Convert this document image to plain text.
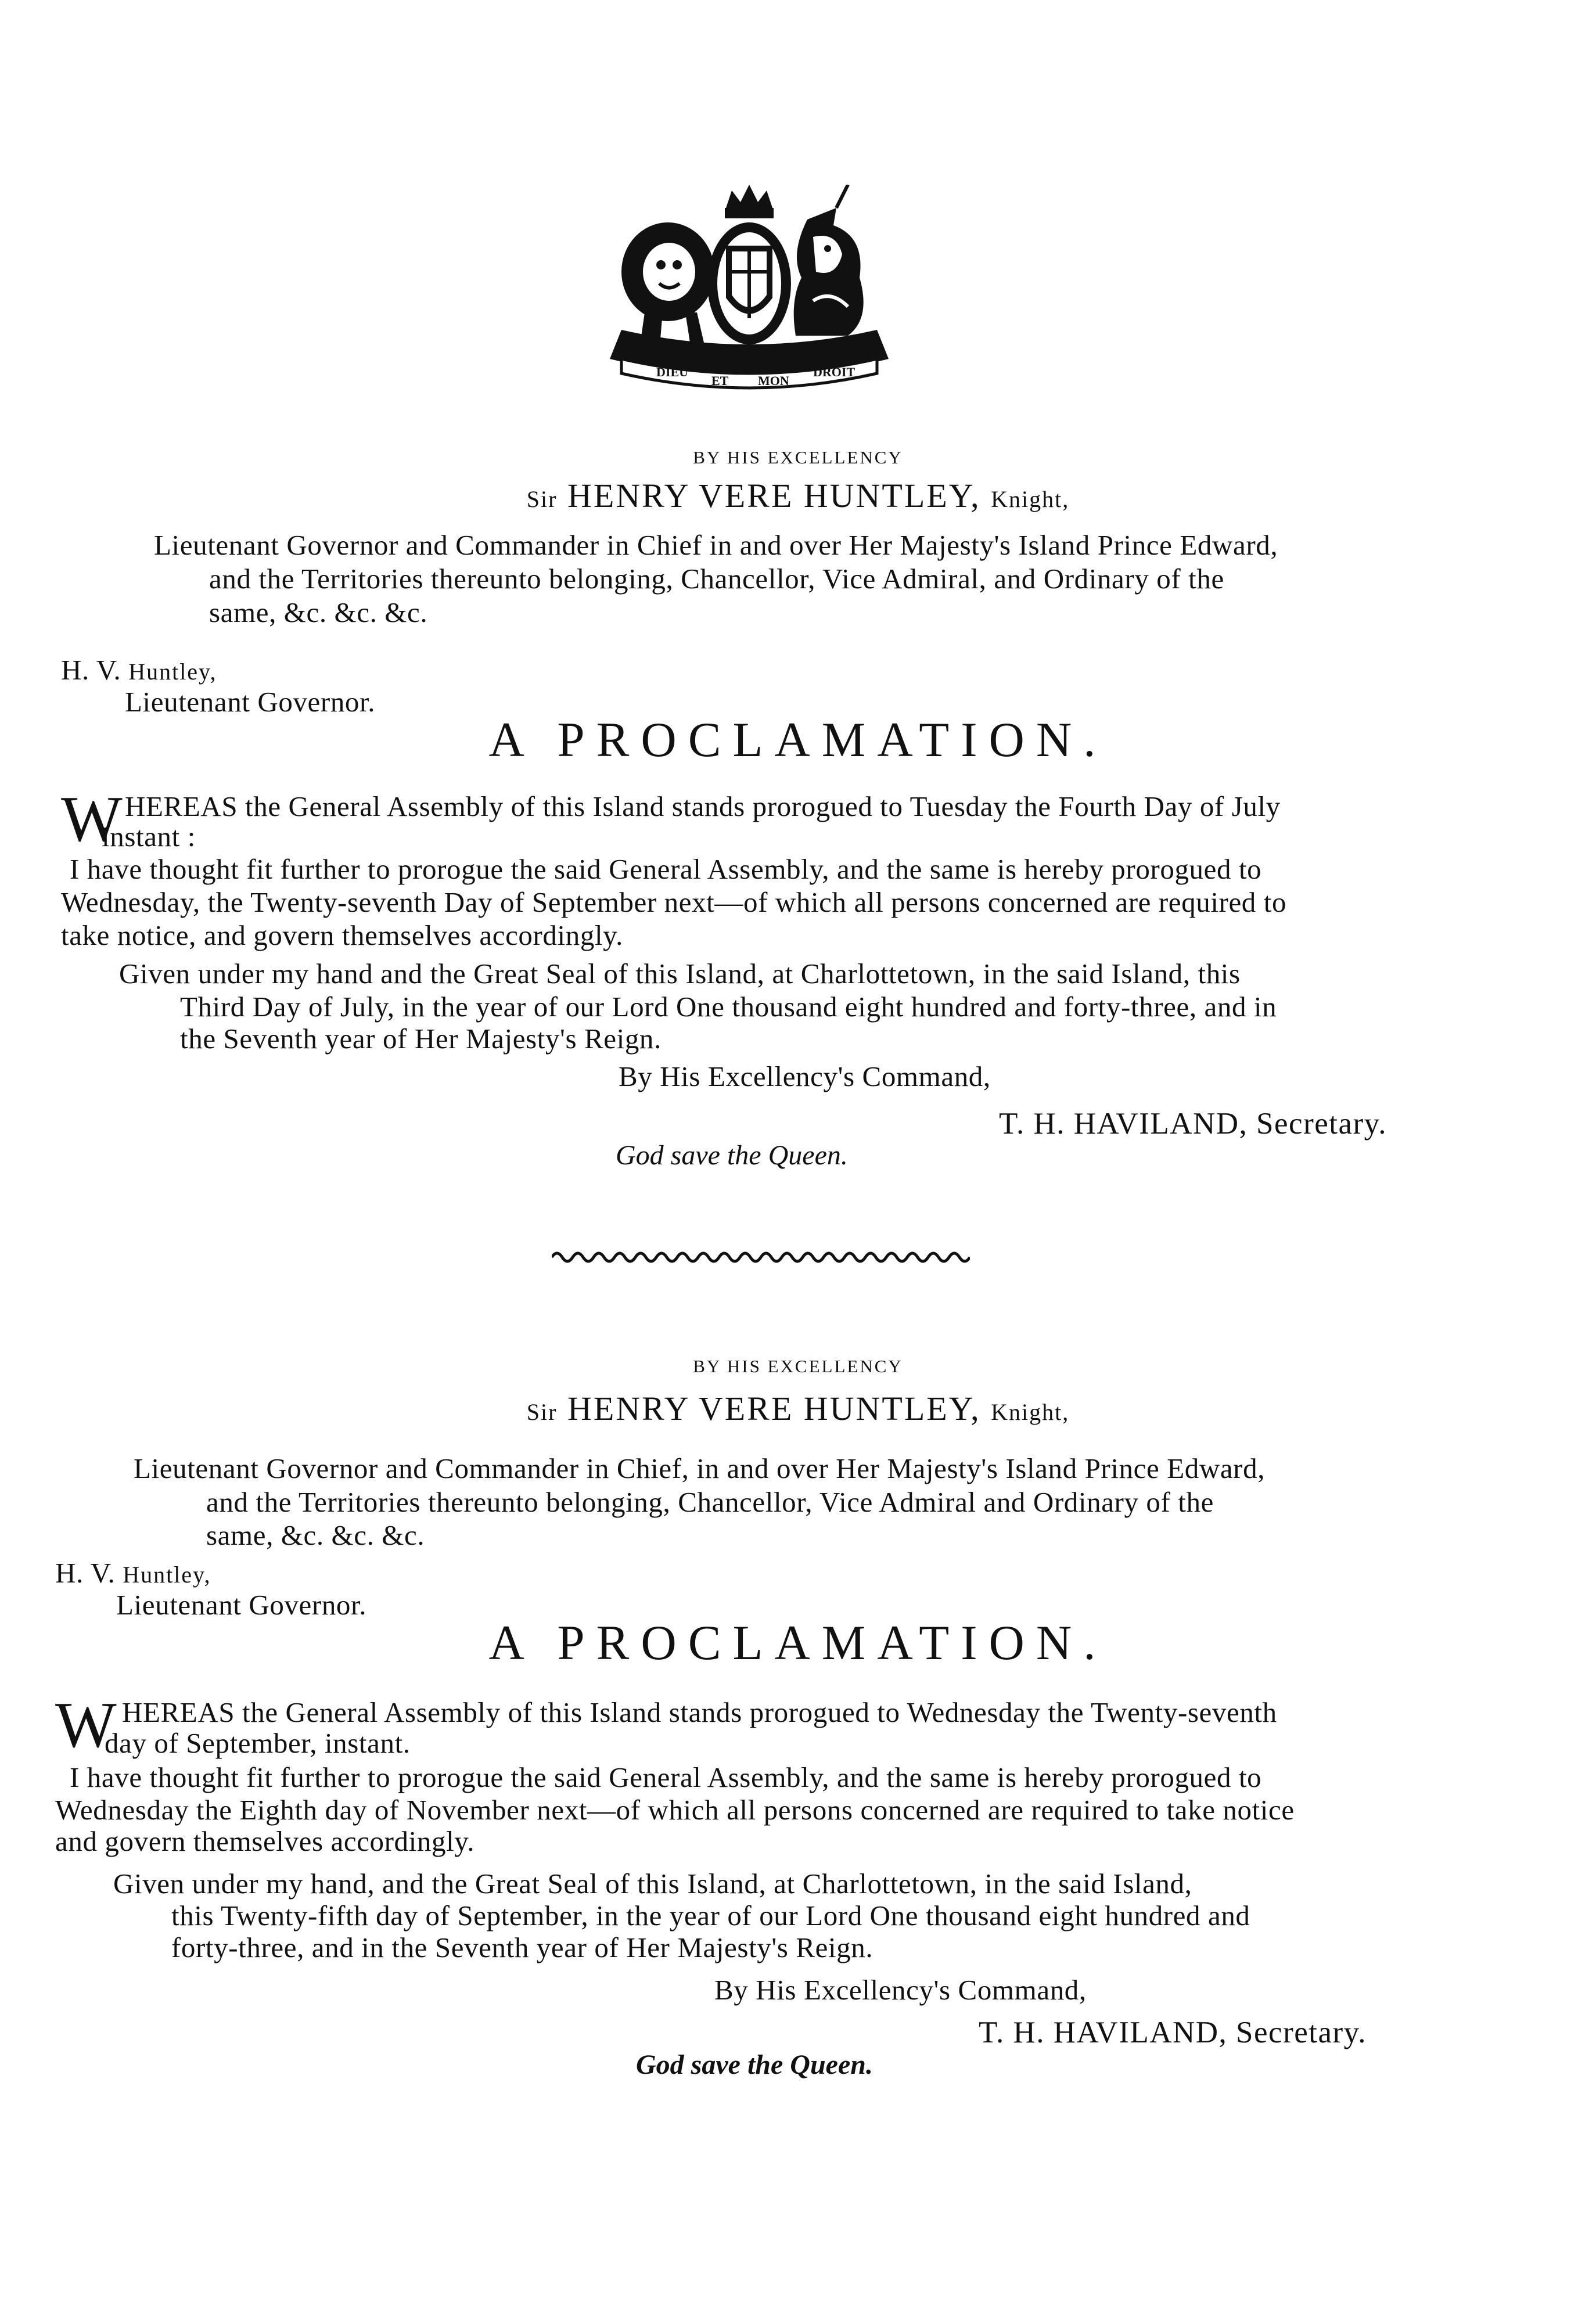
DIEU
ET MON
DROIT
BY HIS EXCELLENCY
Sir HENRY VERE HUNTLEY, Knight,
Lieutenant Governor and Commander in Chief in and over Her Majesty's Island Prince Edward,
and the Territories thereunto belonging, Chancellor, Vice Admiral, and Ordinary of the
same, &c. &c. &c.
H. V. Huntley,
Lieutenant Governor.
A PROCLAMATION.
W HEREAS the General Assembly of this Island stands prorogued to Tuesday the Fourth Day of July
instant :
I have thought fit further to prorogue the said General Assembly, and the same is hereby prorogued to
Wednesday, the Twenty-seventh Day of September next—of which all persons concerned are required to
take notice, and govern themselves accordingly.
Given under my hand and the Great Seal of this Island, at Charlottetown, in the said Island, this
Third Day of July, in the year of our Lord One thousand eight hundred and forty-three, and in
the Seventh year of Her Majesty's Reign.
By His Excellency's Command,
T. H. HAVILAND, Secretary.
God save the Queen.
BY HIS EXCELLENCY
Sir HENRY VERE HUNTLEY, Knight,
Lieutenant Governor and Commander in Chief, in and over Her Majesty's Island Prince Edward,
and the Territories thereunto belonging, Chancellor, Vice Admiral and Ordinary of the
same, &c. &c. &c.
H. V. Huntley,
Lieutenant Governor.
A PROCLAMATION.
W HEREAS the General Assembly of this Island stands prorogued to Wednesday the Twenty-seventh
day of September, instant.
I have thought fit further to prorogue the said General Assembly, and the same is hereby prorogued to
Wednesday the Eighth day of November next—of which all persons concerned are required to take notice
and govern themselves accordingly.
Given under my hand, and the Great Seal of this Island, at Charlottetown, in the said Island,
this Twenty-fifth day of September, in the year of our Lord One thousand eight hundred and
forty-three, and in the Seventh year of Her Majesty's Reign.
By His Excellency's Command,
T. H. HAVILAND, Secretary.
God save the Queen.
